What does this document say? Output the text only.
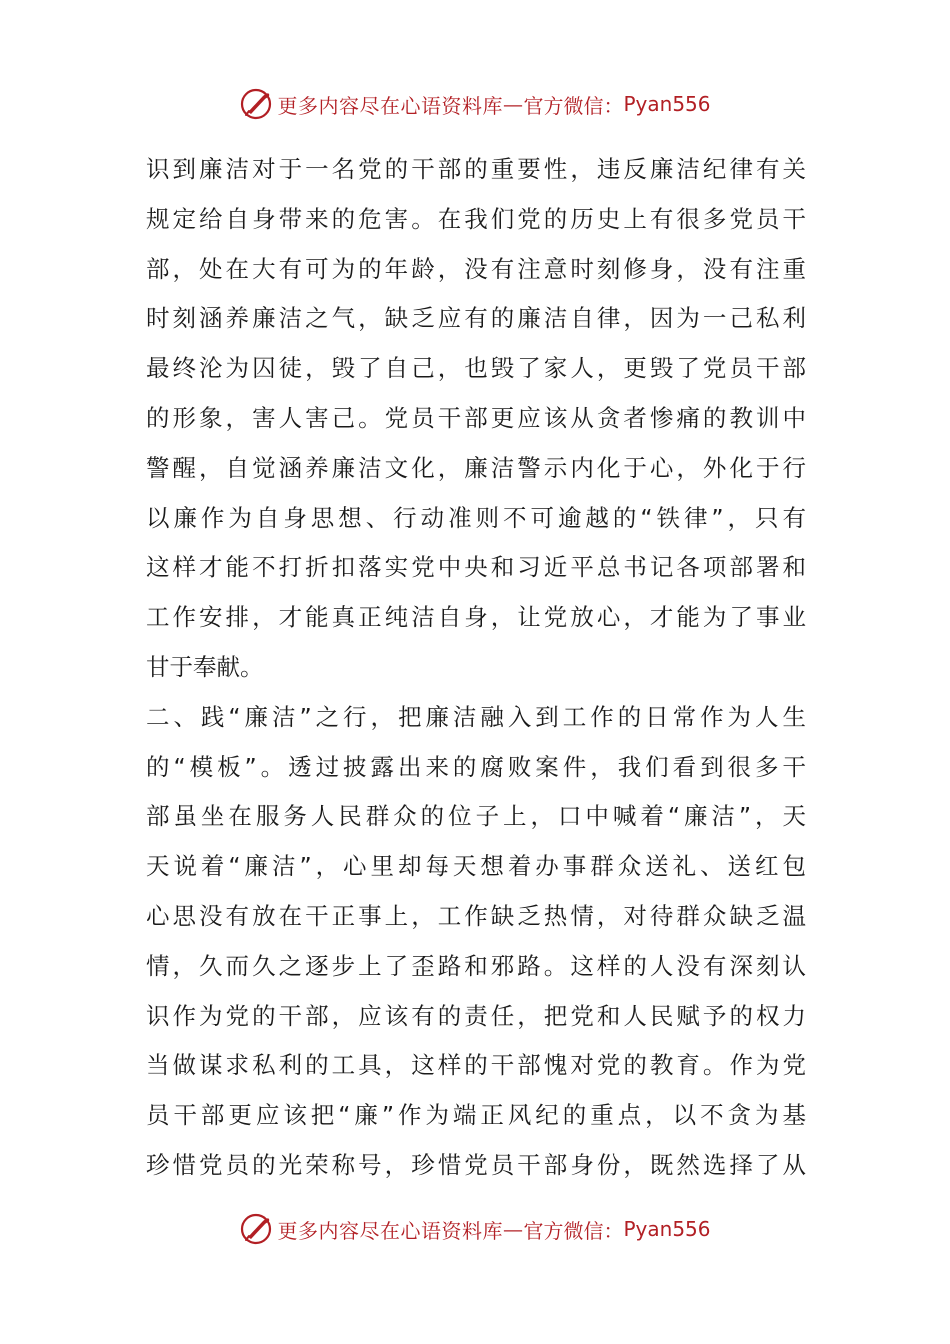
更多内容尽在心语资料库 — 官方微信： Pyan556
识到廉洁对于一名党的干部的重要性，违反廉洁纪律有关
规定给自身带来的危害。在我们党的历史上有很多党员干
部，处在大有可为的年龄，没有注意时刻修身，没有注重
时刻涵养廉洁之气，缺乏应有的廉洁自律，因为一己私利
最终沦为囚徒，毁了自己，也毁了家人，更毁了党员干部
的形象，害人害己。党员干部更应该从贪者惨痛的教训中
警醒，自觉涵养廉洁文化，廉洁警示内化于心，外化于行
以廉作为自身思想、行动准则不可逾越的“铁律”，只有
这样才能不打折扣落实党中央和习近平总书记各项部署和
工作安排，才能真正纯洁自身，让党放心，才能为了事业
甘于奉献。
二、践“廉洁”之行，把廉洁融入到工作的日常作为人生
的“模板”。透过披露出来的腐败案件，我们看到很多干
部虽坐在服务人民群众的位子上，口中喊着“廉洁”，天
天说着“廉洁”，心里却每天想着办事群众送礼、送红包
心思没有放在干正事上，工作缺乏热情，对待群众缺乏温
情，久而久之逐步上了歪路和邪路。这样的人没有深刻认
识作为党的干部，应该有的责任，把党和人民赋予的权力
当做谋求私利的工具，这样的干部愧对党的教育。作为党
员干部更应该把“廉”作为端正风纪的重点，以不贪为基
珍惜党员的光荣称号，珍惜党员干部身份，既然选择了从
更多内容尽在心语资料库 — 官方微信： Pyan556
